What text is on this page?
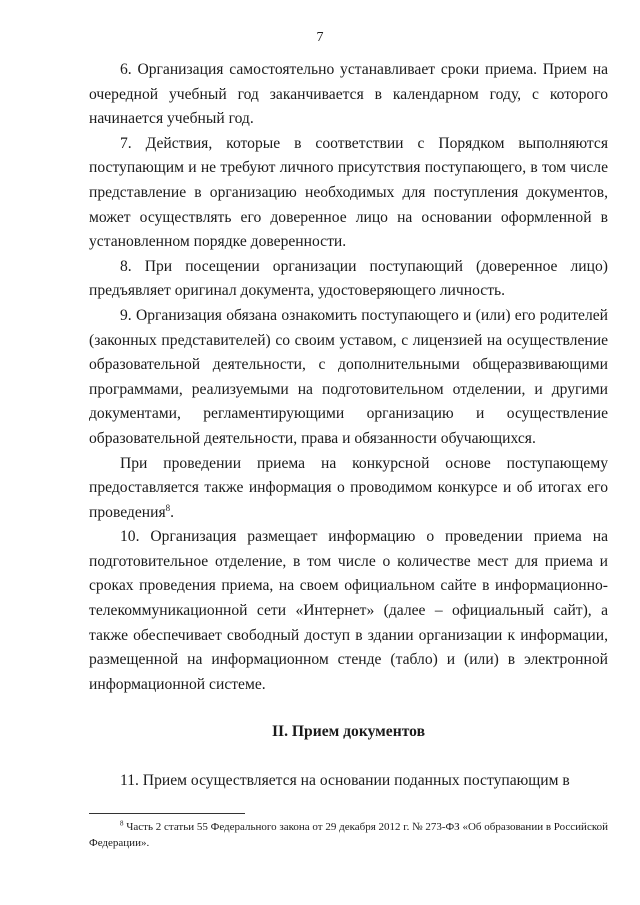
7

6. Организация самостоятельно устанавливает сроки приема. Прием на очередной учебный год заканчивается в календарном году, с которого начинается учебный год.

7. Действия, которые в соответствии с Порядком выполняются поступающим и не требуют личного присутствия поступающего, в том числе представление в организацию необходимых для поступления документов, может осуществлять его доверенное лицо на основании оформленной в установленном порядке доверенности.

8. При посещении организации поступающий (доверенное лицо) предъявляет оригинал документа, удостоверяющего личность.

9. Организация обязана ознакомить поступающего и (или) его родителей (законных представителей) со своим уставом, с лицензией на осуществление образовательной деятельности, с дополнительными общеразвивающими программами, реализуемыми на подготовительном отделении, и другими документами, регламентирующими организацию и осуществление образовательной деятельности, права и обязанности обучающихся.

При проведении приема на конкурсной основе поступающему предоставляется также информация о проводимом конкурсе и об итогах его проведения$^8$.

10. Организация размещает информацию о проведении приема на подготовительное отделение, в том числе о количестве мест для приема и сроках проведения приема, на своем официальном сайте в информационно-телекоммуникационной сети «Интернет» (далее – официальный сайт), а также обеспечивает свободный доступ в здании организации к информации, размещенной на информационном стенде (табло) и (или) в электронной информационной системе.

II. Прием документов

11. Прием осуществляется на основании поданных поступающим в

$^8$ Часть 2 статьи 55 Федерального закона от 29 декабря 2012 г. № 273-ФЗ «Об образовании в Российской Федерации».
